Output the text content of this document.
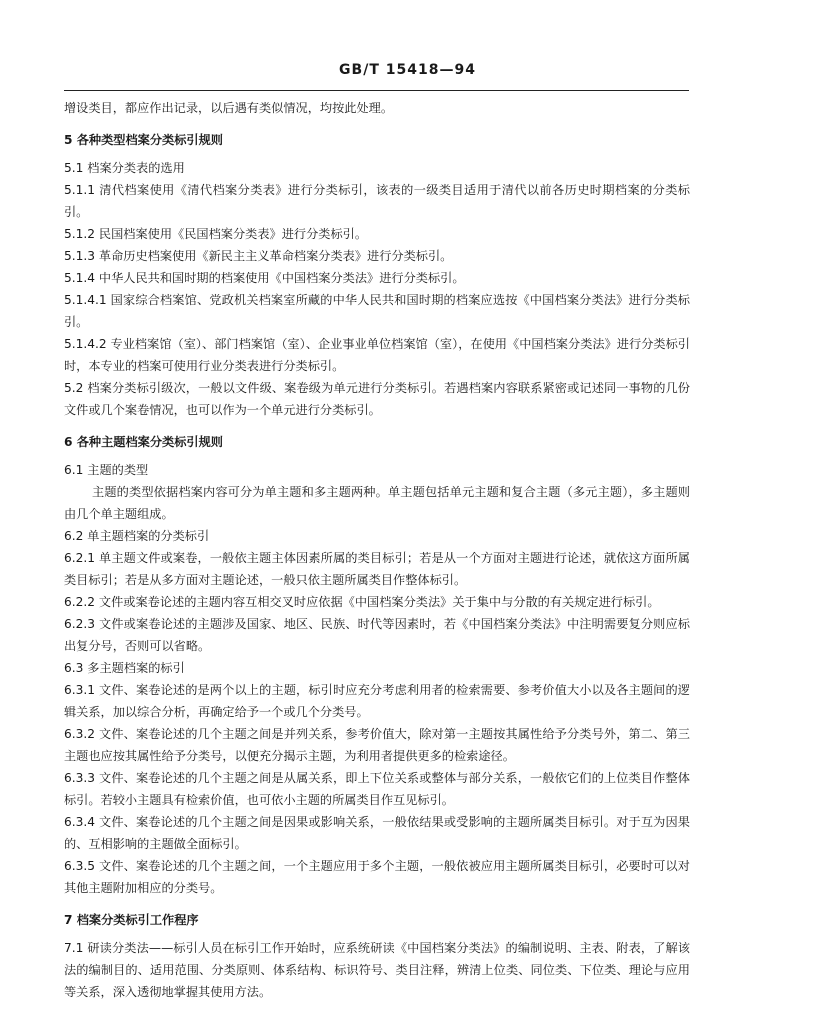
GB/T 15418—94

增设类目，都应作出记录，以后遇有类似情况，均按此处理。

5 各种类型档案分类标引规则

5.1 档案分类表的选用

5.1.1 清代档案使用《清代档案分类表》进行分类标引，该表的一级类目适用于清代以前各历史时期档案的分类标引。

5.1.2 民国档案使用《民国档案分类表》进行分类标引。

5.1.3 革命历史档案使用《新民主主义革命档案分类表》进行分类标引。

5.1.4 中华人民共和国时期的档案使用《中国档案分类法》进行分类标引。

5.1.4.1 国家综合档案馆、党政机关档案室所藏的中华人民共和国时期的档案应选按《中国档案分类法》进行分类标引。

5.1.4.2 专业档案馆（室）、部门档案馆（室）、企业事业单位档案馆（室），在使用《中国档案分类法》进行分类标引时，本专业的档案可使用行业分类表进行分类标引。

5.2 档案分类标引级次，一般以文件级、案卷级为单元进行分类标引。若遇档案内容联系紧密或记述同一事物的几份文件或几个案卷情况，也可以作为一个单元进行分类标引。

6 各种主题档案分类标引规则

6.1 主题的类型

主题的类型依据档案内容可分为单主题和多主题两种。单主题包括单元主题和复合主题（多元主题），多主题则由几个单主题组成。

6.2 单主题档案的分类标引

6.2.1 单主题文件或案卷，一般依主题主体因素所属的类目标引；若是从一个方面对主题进行论述，就依这方面所属类目标引；若是从多方面对主题论述，一般只依主题所属类目作整体标引。

6.2.2 文件或案卷论述的主题内容互相交叉时应依据《中国档案分类法》关于集中与分散的有关规定进行标引。

6.2.3 文件或案卷论述的主题涉及国家、地区、民族、时代等因素时，若《中国档案分类法》中注明需要复分则应标出复分号，否则可以省略。

6.3 多主题档案的标引

6.3.1 文件、案卷论述的是两个以上的主题，标引时应充分考虑利用者的检索需要、参考价值大小以及各主题间的逻辑关系，加以综合分析，再确定给予一个或几个分类号。

6.3.2 文件、案卷论述的几个主题之间是并列关系，参考价值大，除对第一主题按其属性给予分类号外，第二、第三主题也应按其属性给予分类号，以便充分揭示主题，为利用者提供更多的检索途径。

6.3.3 文件、案卷论述的几个主题之间是从属关系，即上下位关系或整体与部分关系，一般依它们的上位类目作整体标引。若较小主题具有检索价值，也可依小主题的所属类目作互见标引。

6.3.4 文件、案卷论述的几个主题之间是因果或影响关系，一般依结果或受影响的主题所属类目标引。对于互为因果的、互相影响的主题做全面标引。

6.3.5 文件、案卷论述的几个主题之间，一个主题应用于多个主题，一般依被应用主题所属类目标引，必要时可以对其他主题附加相应的分类号。

7 档案分类标引工作程序

7.1 研读分类法——标引人员在标引工作开始时，应系统研读《中国档案分类法》的编制说明、主表、附表，了解该法的编制目的、适用范围、分类原则、体系结构、标识符号、类目注释，辨清上位类、同位类、下位类、理论与应用等关系，深入透彻地掌握其使用方法。
